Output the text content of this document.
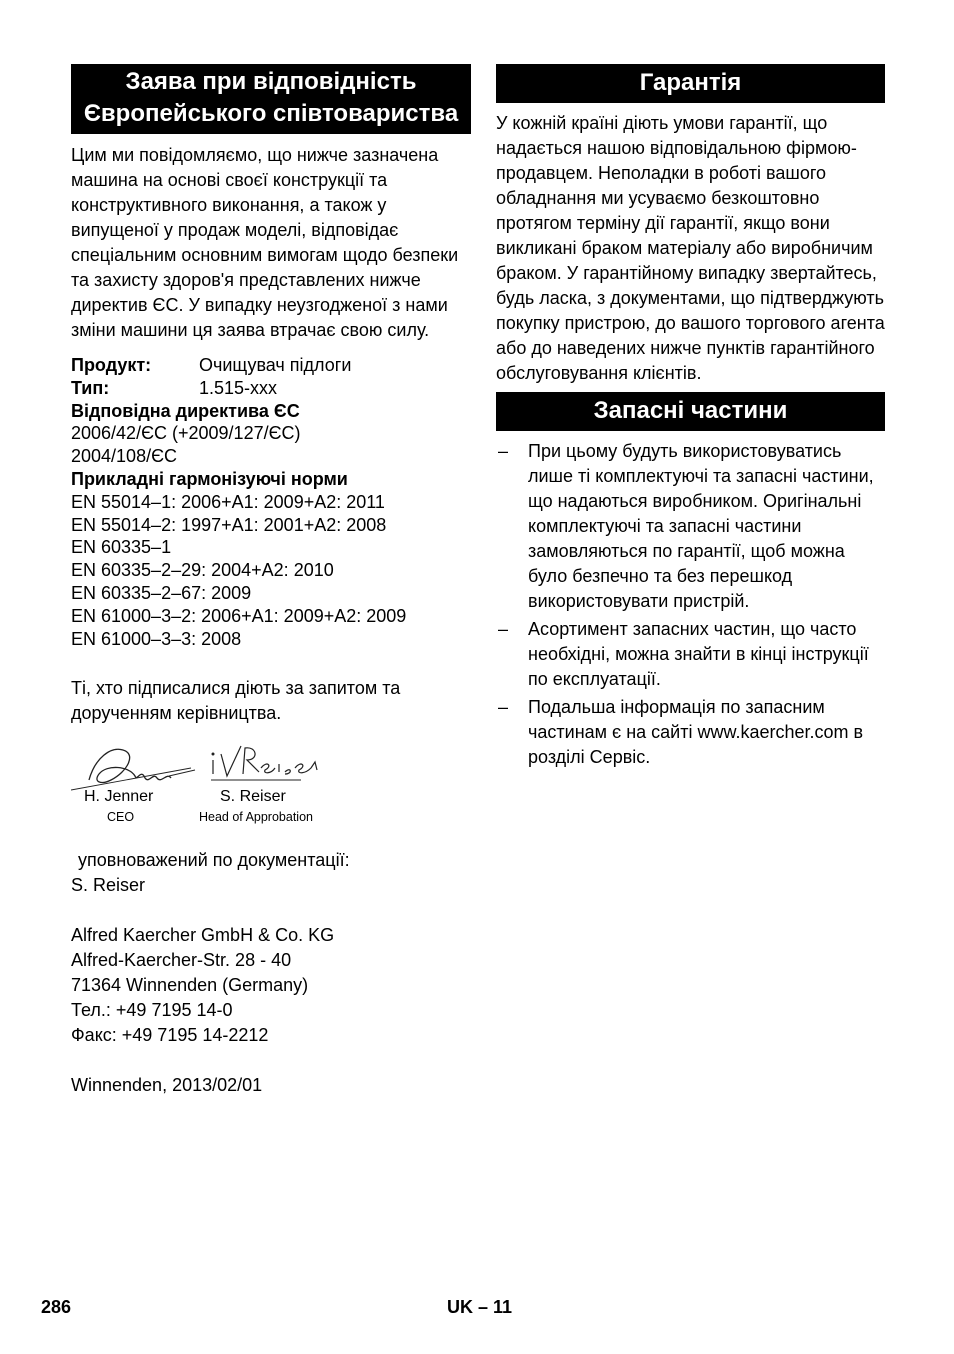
Заява при відповідність Європейського співтовариства

Цим ми повідомляємо, що нижче зазначена машина на основі своєї конструкції та конструктивного виконання, а також у випущеної у продаж моделі, відповідає спеціальним основним вимогам щодо безпеки та захисту здоров'я представлених нижче директив ЄС. У випадку неузгодженої з нами зміни машини ця заява втрачає свою силу.

Продукт:	Очищувач підлоги
Тип:	1.515-xxx
Відповідна директива ЄС
2006/42/ЄС (+2009/127/ЄС)
2004/108/ЄС
Прикладні гармонізуючі норми
EN 55014–1: 2006+A1: 2009+A2: 2011
EN 55014–2: 1997+A1: 2001+A2: 2008
EN 60335–1
EN 60335–2–29: 2004+A2: 2010
EN 60335–2–67: 2009
EN 61000–3–2: 2006+A1: 2009+A2: 2009
EN 61000–3–3: 2008

Ті, хто підписалися діють за запитом та дорученням керівництва.

H. Jenner
CEO
S. Reiser
Head of Approbation
уповноважений по документації:
S. Reiser
Alfred Kaercher GmbH & Co. KG
Alfred-Kaercher-Str. 28 - 40
71364 Winnenden (Germany)
Тел.: +49 7195 14-0
Факс: +49 7195 14-2212
Winnenden, 2013/02/01
Гарантія

У кожній країні діють умови гарантії, що надається нашою відповідальною фірмою-продавцем. Неполадки в роботі вашого обладнання ми усуваємо безкоштовно протягом терміну дії гарантії, якщо вони викликані браком матеріалу або виробничим браком. У гарантійному випадку звертайтесь, будь ласка, з документами, що підтверджують покупку пристрою, до вашого торгового агента або до наведених нижче пунктів гарантійного обслуговування клієнтів.

Запасні частини
– При цьому будуть використовуватись лише ті комплектуючі та запасні частини, що надаються виробником. Оригінальні комплектуючі та запасні частини замовляються по гарантії, щоб можна було безпечно та без перешкод використовувати пристрій.
– Асортимент запасних частин, що часто необхідні, можна знайти в кінці інструкції по експлуатації.
– Подальша інформація по запасним частинам є на сайті www.kaercher.com в розділі Сервіс.
286	UK – 11
